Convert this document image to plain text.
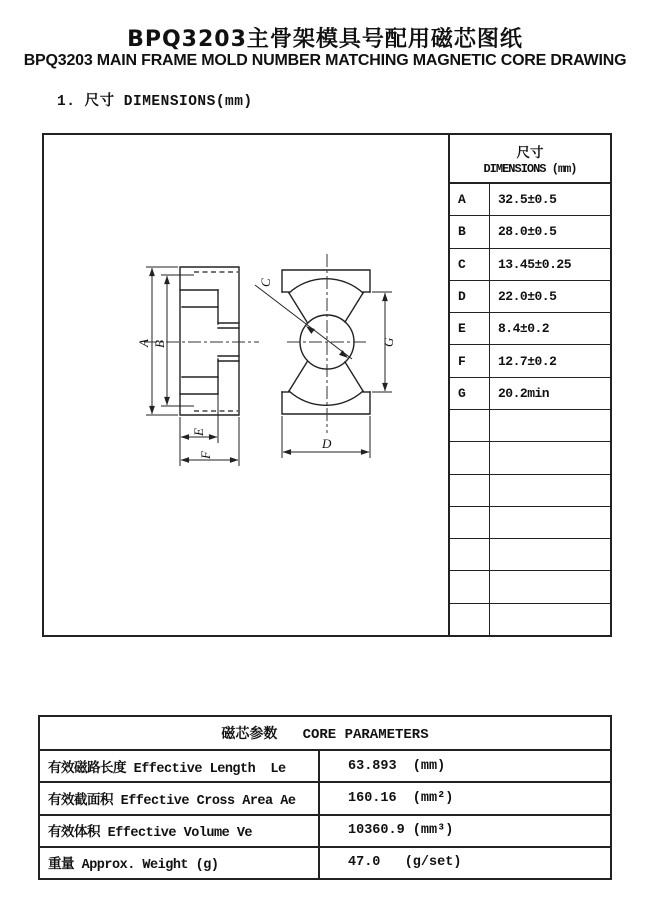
BPQ3203主骨架模具号配用磁芯图纸
BPQ3203 MAIN FRAME MOLD NUMBER MATCHING MAGNETIC CORE DRAWING
1. 尺寸 DIMENSIONS(mm)
A B
E
F
C
G
D
尺寸
DIMENSIONS (mm)
A	32.5±0.5
B	28.0±0.5
C	13.45±0.25
D	22.0±0.5
E	8.4±0.2
F	12.7±0.2
G	20.2min
磁芯参数   CORE PARAMETERS
有效磁路长度 Effective Length  Le	63.893  (mm)
有效截面积 Effective Cross Area Ae	160.16  (mm²)
有效体积 Effective Volume Ve	10360.9 (mm³)
重量 Approx. Weight (g)	47.0   (g/set)
